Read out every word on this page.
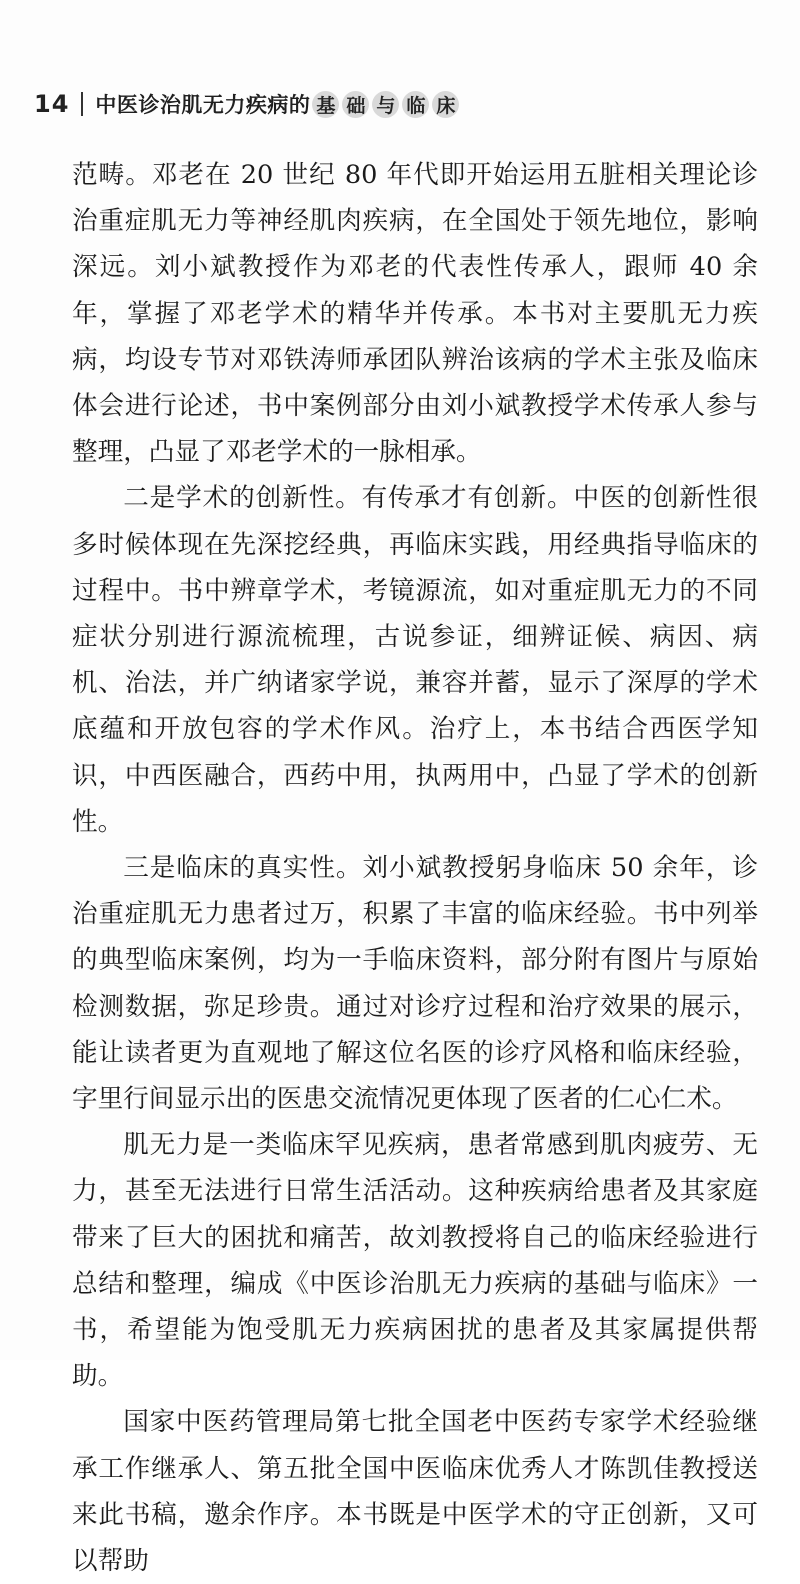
14 中医诊治肌无力疾病的 基 础 与 临 床

范畴。邓老在 20 世纪 80 年代即开始运用五脏相关理论诊治重症肌无力等神经肌肉疾病，在全国处于领先地位，影响深远。刘小斌教授作为邓老的代表性传承人，跟师 40 余年，掌握了邓老学术的精华并传承。本书对主要肌无力疾病，均设专节对邓铁涛师承团队辨治该病的学术主张及临床体会进行论述，书中案例部分由刘小斌教授学术传承人参与整理，凸显了邓老学术的一脉相承。

二是学术的创新性。有传承才有创新。中医的创新性很多时候体现在先深挖经典，再临床实践，用经典指导临床的过程中。书中辨章学术，考镜源流，如对重症肌无力的不同症状分别进行源流梳理，古说参证，细辨证候、病因、病机、治法，并广纳诸家学说，兼容并蓄，显示了深厚的学术底蕴和开放包容的学术作风。治疗上，本书结合西医学知识，中西医融合，西药中用，执两用中，凸显了学术的创新性。

三是临床的真实性。刘小斌教授躬身临床 50 余年，诊治重症肌无力患者过万，积累了丰富的临床经验。书中列举的典型临床案例，均为一手临床资料，部分附有图片与原始检测数据，弥足珍贵。通过对诊疗过程和治疗效果的展示，能让读者更为直观地了解这位名医的诊疗风格和临床经验，字里行间显示出的医患交流情况更体现了医者的仁心仁术。

肌无力是一类临床罕见疾病，患者常感到肌肉疲劳、无力，甚至无法进行日常生活活动。这种疾病给患者及其家庭带来了巨大的困扰和痛苦，故刘教授将自己的临床经验进行总结和整理，编成《中医诊治肌无力疾病的基础与临床》一书，希望能为饱受肌无力疾病困扰的患者及其家属提供帮助。

国家中医药管理局第七批全国老中医药专家学术经验继承工作继承人、第五批全国中医临床优秀人才陈凯佳教授送来此书稿，邀余作序。本书既是中医学术的守正创新，又可以帮助
